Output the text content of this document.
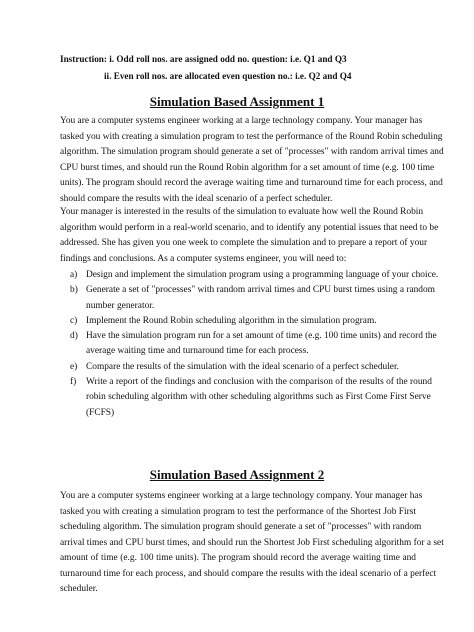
Instruction: i. Odd roll nos. are assigned odd no. question: i.e. Q1 and Q3
ii. Even roll nos. are allocated even question no.: i.e. Q2 and Q4
Simulation Based Assignment 1
You are a computer systems engineer working at a large technology company. Your manager has
tasked you with creating a simulation program to test the performance of the Round Robin scheduling
algorithm. The simulation program should generate a set of "processes" with random arrival times and
CPU burst times, and should run the Round Robin algorithm for a set amount of time (e.g. 100 time
units). The program should record the average waiting time and turnaround time for each process, and
should compare the results with the ideal scenario of a perfect scheduler.
Your manager is interested in the results of the simulation to evaluate how well the Round Robin
algorithm would perform in a real-world scenario, and to identify any potential issues that need to be
addressed. She has given you one week to complete the simulation and to prepare a report of your
findings and conclusions. As a computer systems engineer, you will need to:
a) Design and implement the simulation program using a programming language of your choice.
b) Generate a set of "processes" with random arrival times and CPU burst times using a random
number generator.
c) Implement the Round Robin scheduling algorithm in the simulation program.
d) Have the simulation program run for a set amount of time (e.g. 100 time units) and record the
average waiting time and turnaround time for each process.
e) Compare the results of the simulation with the ideal scenario of a perfect scheduler.
f) Write a report of the findings and conclusion with the comparison of the results of the round
robin scheduling algorithm with other scheduling algorithms such as First Come First Serve
(FCFS)
Simulation Based Assignment 2
You are a computer systems engineer working at a large technology company. Your manager has
tasked you with creating a simulation program to test the performance of the Shortest Job First
scheduling algorithm. The simulation program should generate a set of "processes" with random
arrival times and CPU burst times, and should run the Shortest Job First scheduling algorithm for a set
amount of time (e.g. 100 time units). The program should record the average waiting time and
turnaround time for each process, and should compare the results with the ideal scenario of a perfect
scheduler.
